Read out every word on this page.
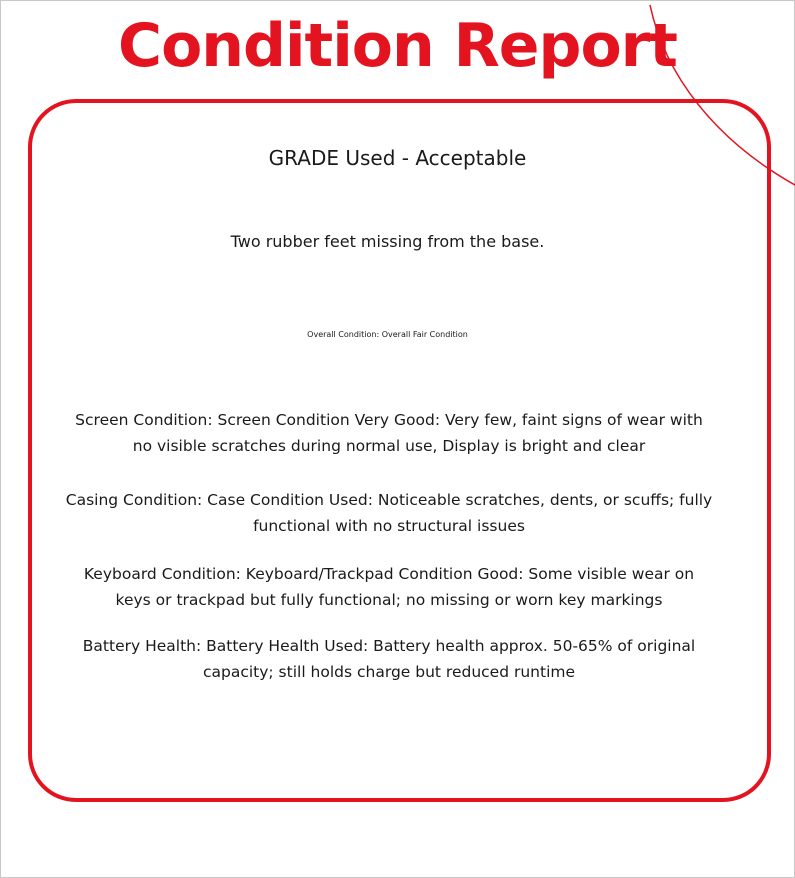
Condition Report
GRADE Used - Acceptable
Two rubber feet missing from the base.
Overall Condition: Overall Fair Condition
Screen Condition: Screen Condition Very Good: Very few, faint signs of wear with no visible scratches during normal use, Display is bright and clear
Casing Condition: Case Condition Used: Noticeable scratches, dents, or scuffs; fully functional with no structural issues
Keyboard Condition: Keyboard/Trackpad Condition Good: Some visible wear on keys or trackpad but fully functional; no missing or worn key markings
Battery Health: Battery Health Used: Battery health approx. 50-65% of original capacity; still holds charge but reduced runtime
